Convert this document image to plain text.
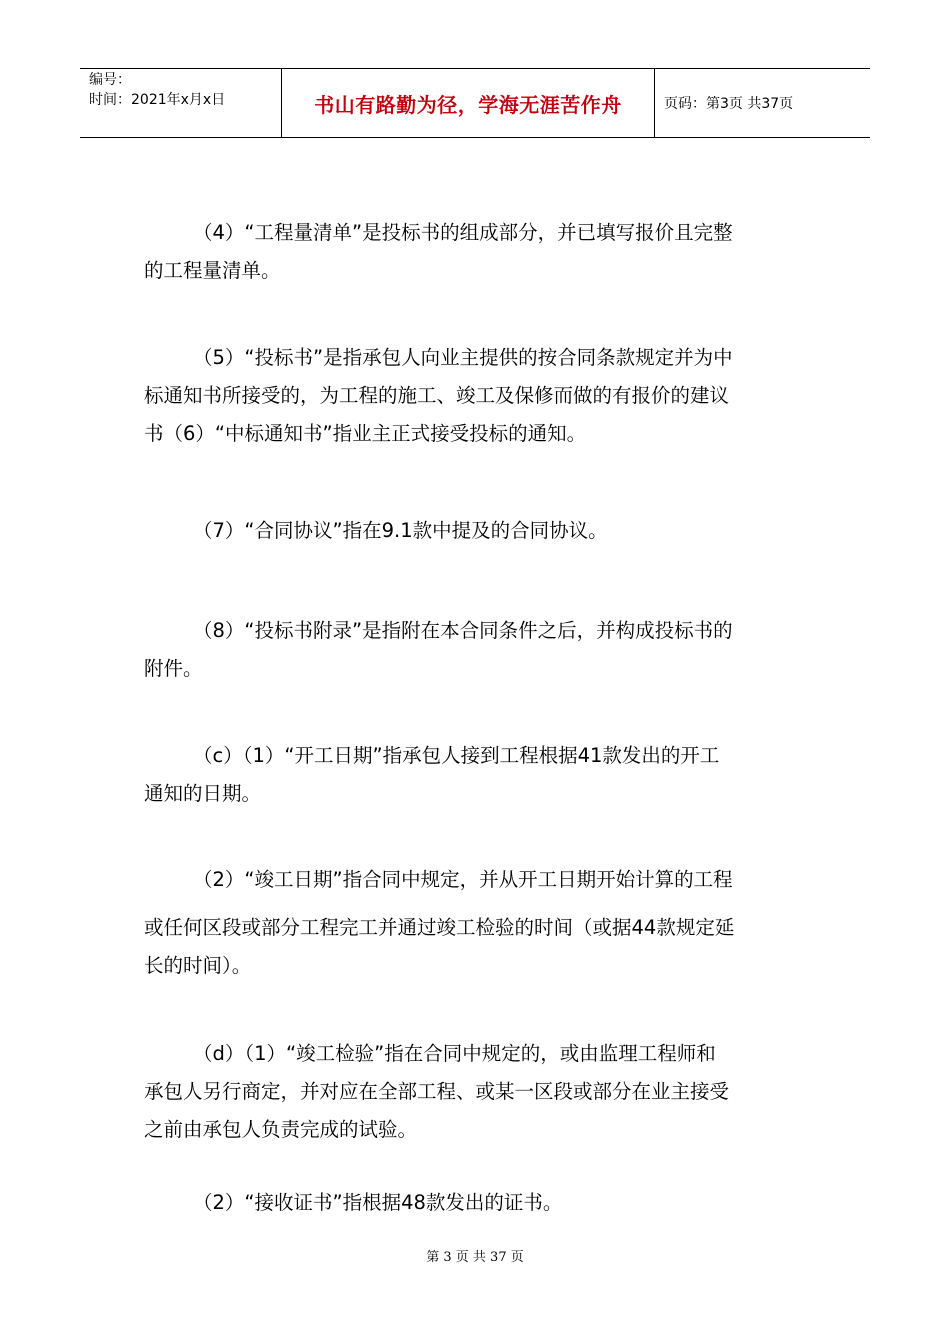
编号：
时间：2021年x月x日	书山有路勤为径，学海无涯苦作舟	页码：第3页 共37页
（4）“工程量清单”是投标书的组成部分，并已填写报价且完整
的工程量清单。
（5）“投标书”是指承包人向业主提供的按合同条款规定并为中
标通知书所接受的，为工程的施工、竣工及保修而做的有报价的建议
书（6）“中标通知书”指业主正式接受投标的通知。
（7）“合同协议”指在9.1款中提及的合同协议。
（8）“投标书附录”是指附在本合同条件之后，并构成投标书的
附件。
（c）（1）“开工日期”指承包人接到工程根据41款发出的开工
通知的日期。
（2）“竣工日期”指合同中规定，并从开工日期开始计算的工程
或任何区段或部分工程完工并通过竣工检验的时间（或据44款规定延
长的时间）。
（d）（1）“竣工检验”指在合同中规定的，或由监理工程师和
承包人另行商定，并对应在全部工程、或某一区段或部分在业主接受
之前由承包人负责完成的试验。
（2）“接收证书”指根据48款发出的证书。
第 3 页 共 37 页
